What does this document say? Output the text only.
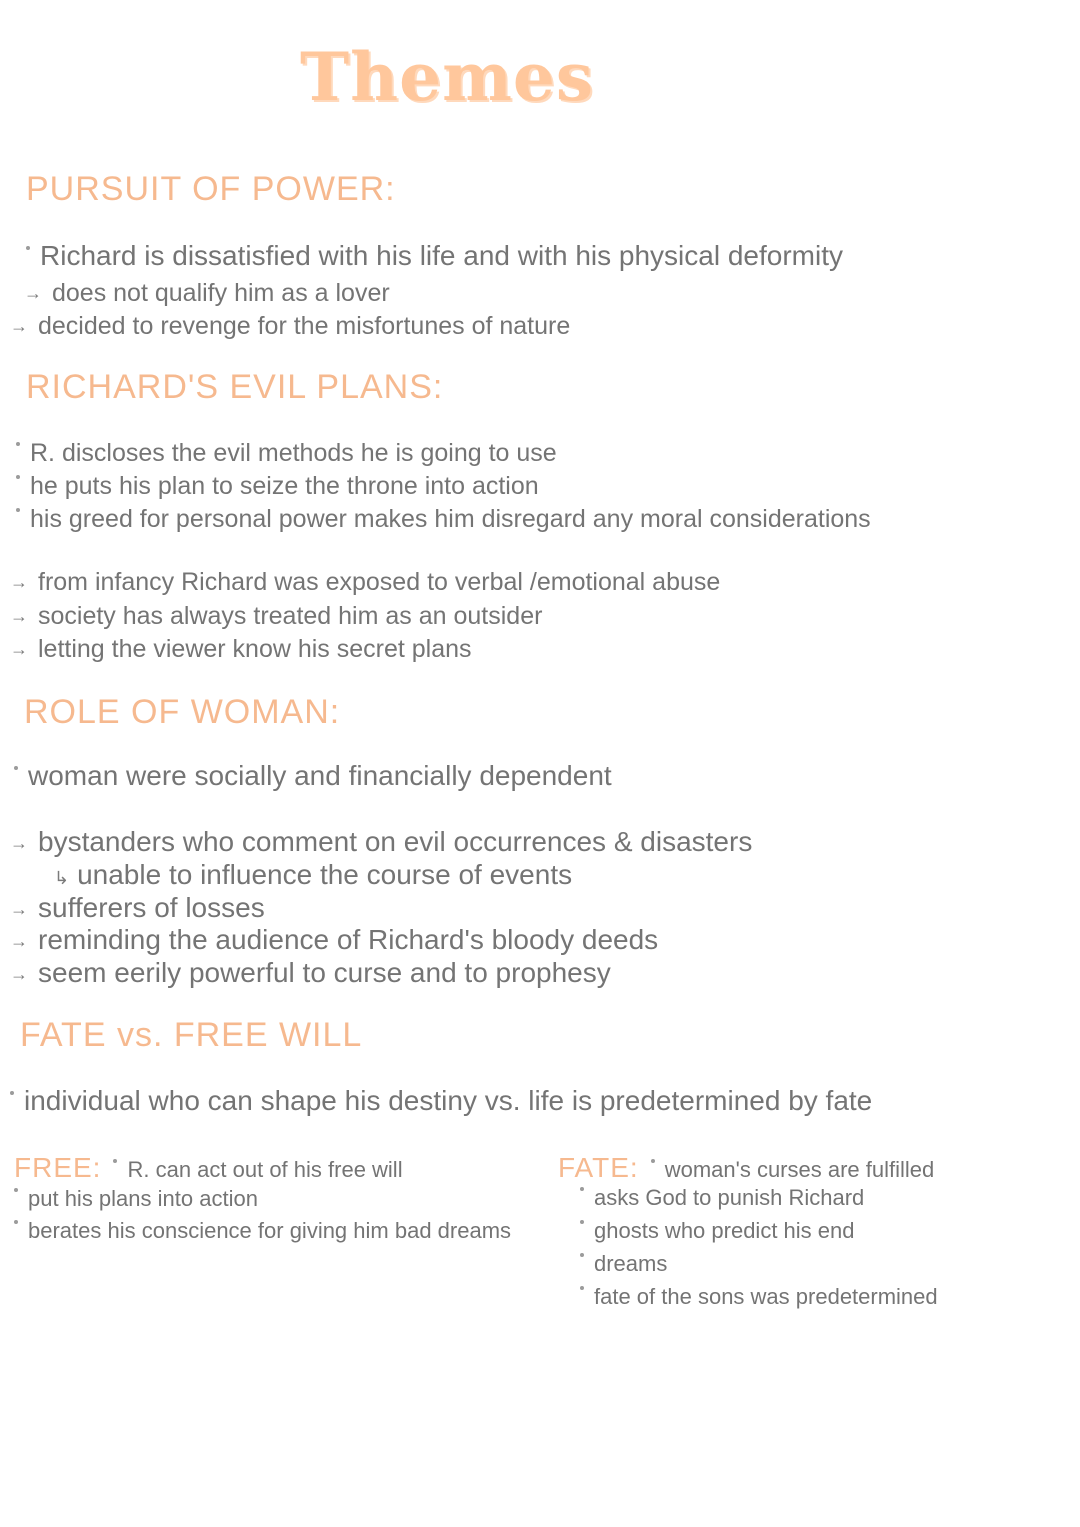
Themes
PURSUIT OF POWER:
Richard is dissatisfied with his life and with his physical deformity
→ does not qualify him as a lover
→ decided to revenge for the misfortunes of nature
RICHARD'S EVIL PLANS:
R. discloses the evil methods he is going to use
he puts his plan to seize the throne into action
his greed for personal power makes him disregard any moral considerations
→ from infancy Richard was exposed to verbal /emotional abuse
→ society has always treated him as an outsider
→ letting the viewer know his secret plans
ROLE OF WOMAN:
woman were socially and financially dependent
→ bystanders who comment on evil occurrences & disasters
↳ unable to influence the course of events
→ sufferers of losses
→ reminding the audience of Richard's bloody deeds
→ seem eerily powerful to curse and to prophesy
FATE vs. FREE WILL
individual who can shape his destiny vs. life is predetermined by fate
FREE: R. can act out of his free will
put his plans into action
berates his conscience for giving him bad dreams
FATE: woman's curses are fulfilled
asks God to punish Richard
ghosts who predict his end
dreams
fate of the sons was predetermined
